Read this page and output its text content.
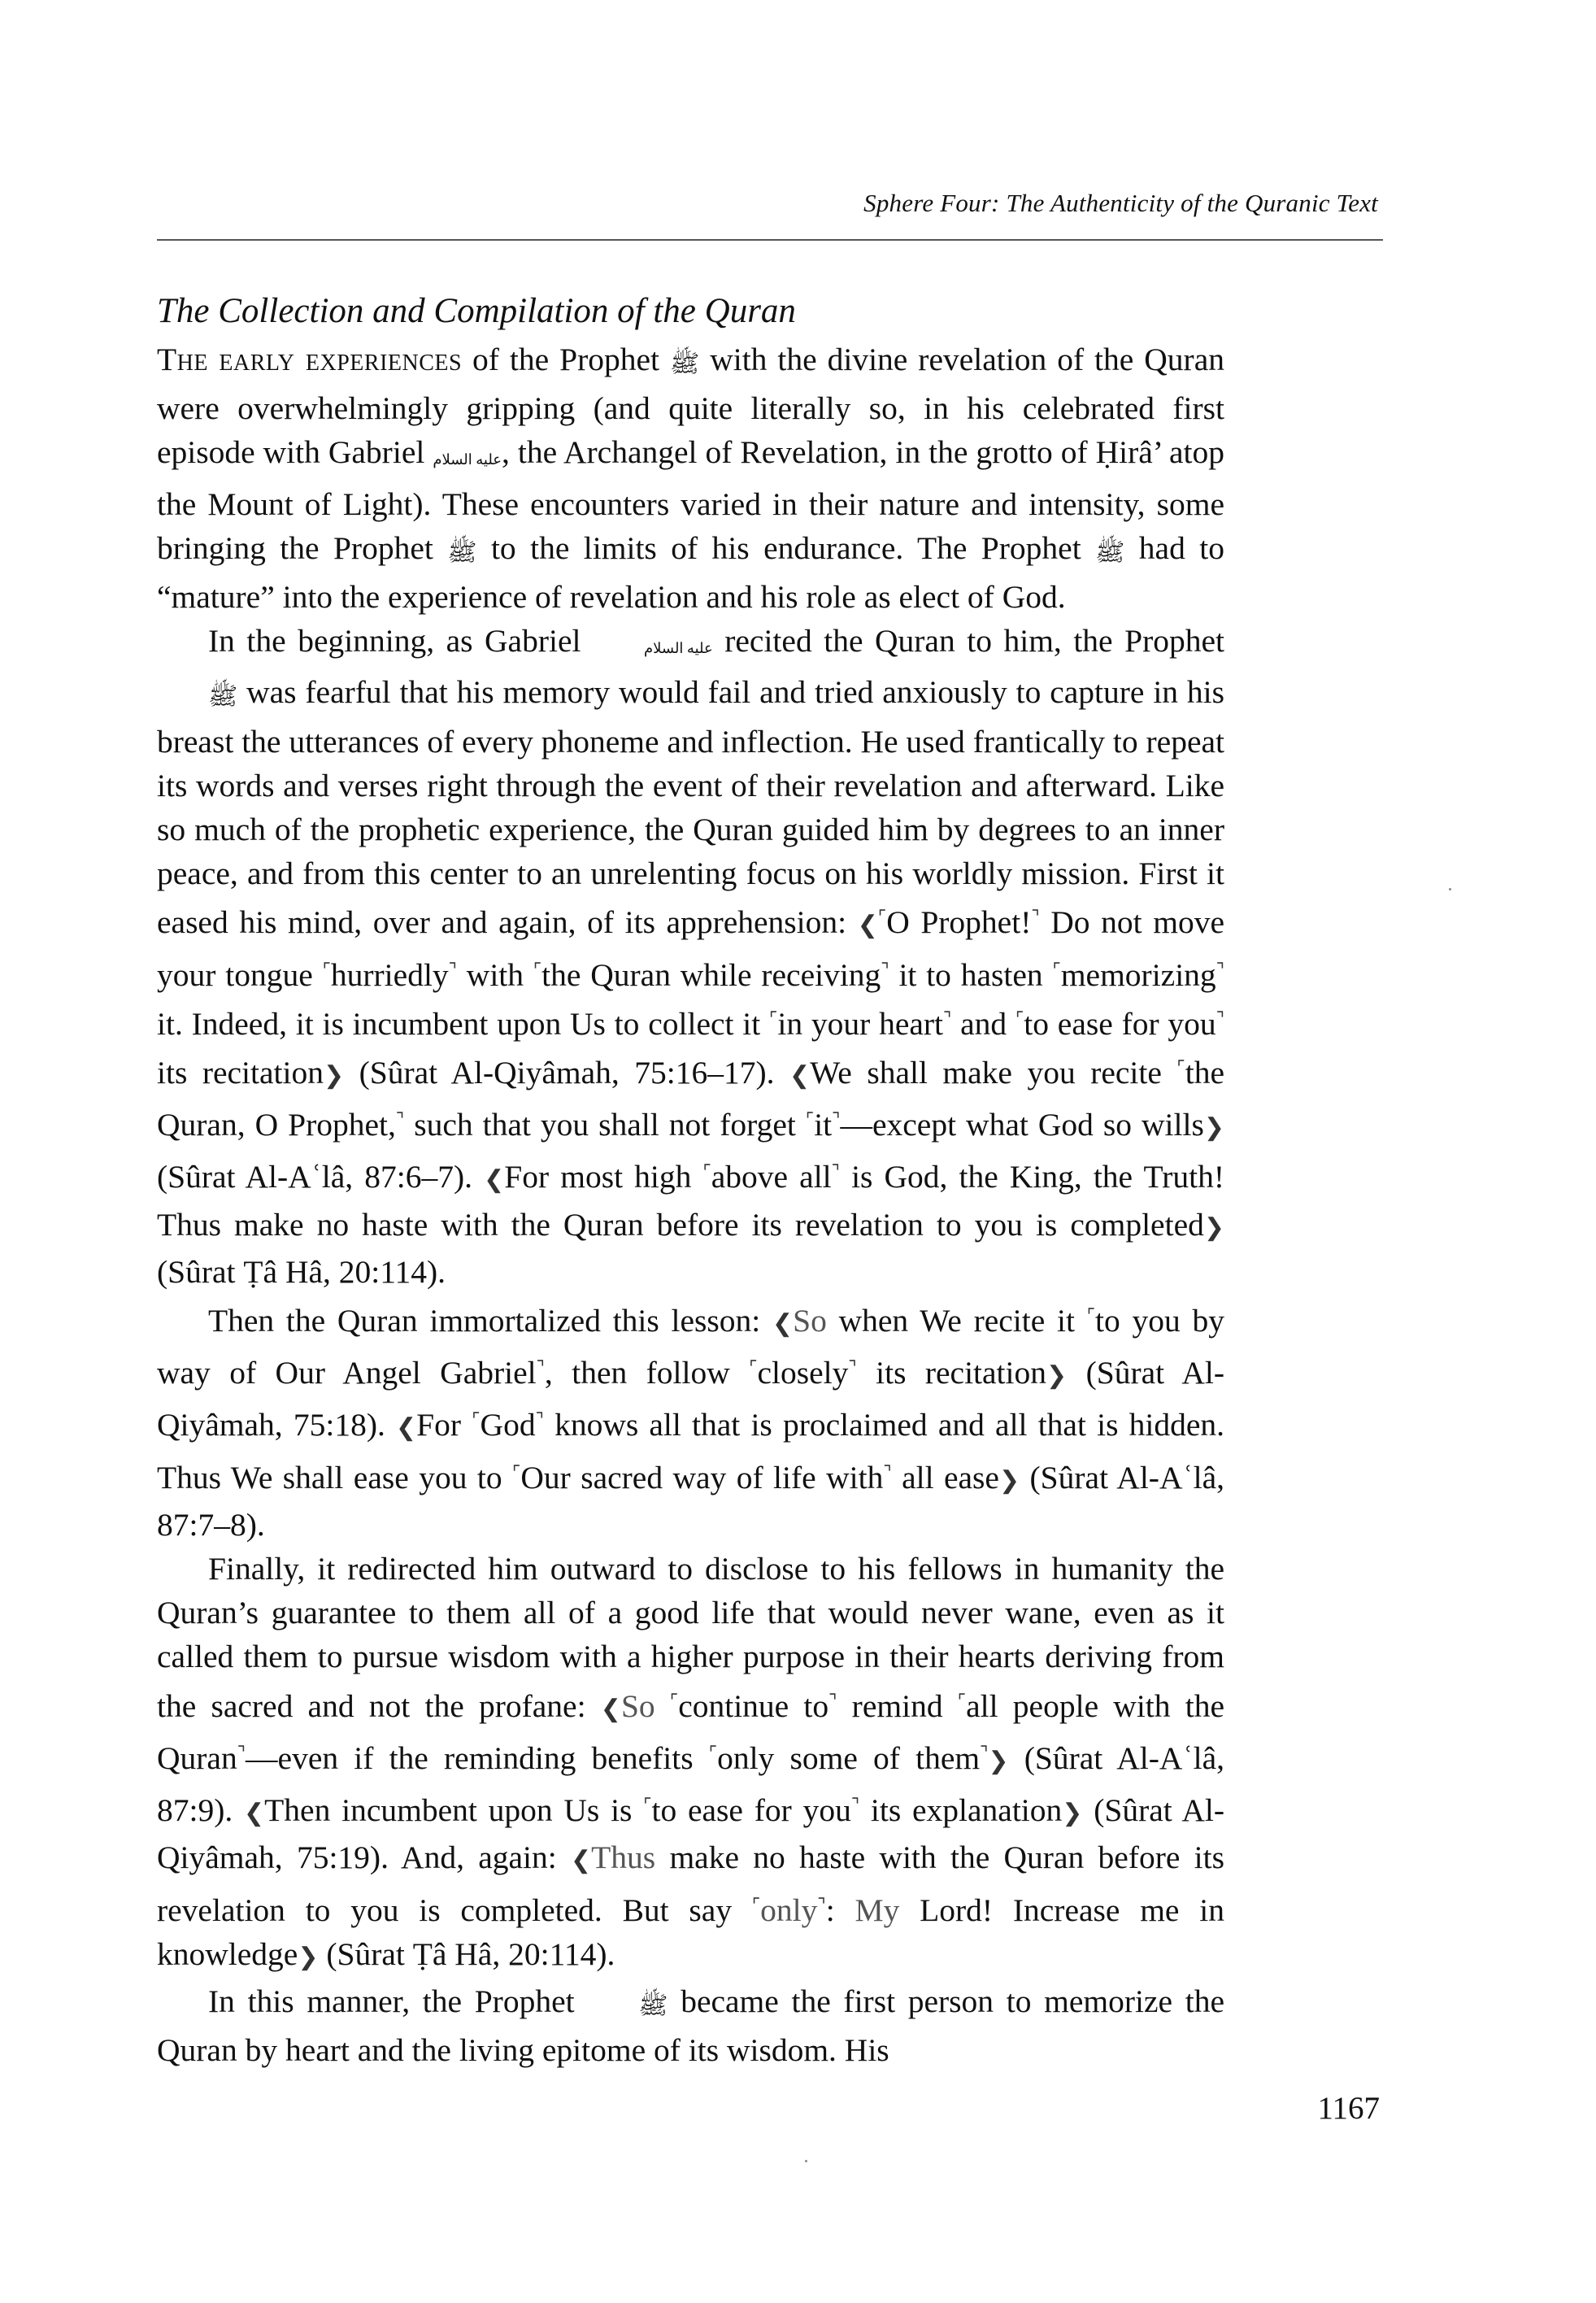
Sphere Four: The Authenticity of the Quranic Text
The Collection and Compilation of the Quran

The early experiences of the Prophet ﷺ with the divine revelation of the Quran were overwhelmingly gripping (and quite literally so, in his celebrated first episode with Gabriel عليه السلام, the Archangel of Revelation, in the grotto of Ḥirâ’ atop the Mount of Light). These encounters varied in their nature and intensity, some bringing the Prophet ﷺ to the limits of his endurance. The Prophet ﷺ had to “mature” into the experience of revelation and his role as elect of God.

In the beginning, as Gabriel	عليه السلام recited the Quran to him, the Prophet ﷺ was fearful that his memory would fail and tried anxiously to capture in his breast the utterances of every phoneme and inflection. He used frantically to repeat its words and verses right through the event of their revelation and afterward. Like so much of the prophetic experience, the Quran guided him by degrees to an inner peace, and from this center to an unrelenting focus on his worldly mission. First it eased his mind, over and again, of its apprehension: ❮⌜O Prophet!⌝ Do not move your tongue ⌜hurriedly⌝ with ⌜the Quran while receiving⌝ it to hasten ⌜memorizing⌝ it. Indeed, it is incumbent upon Us to collect it ⌜in your heart⌝ and ⌜to ease for you⌝ its recitation❯ (Sûrat Al-Qiyâmah, 75:16–17). ❮We shall make you recite ⌜the Quran, O Prophet,⌝ such that you shall not forget ⌜it⌝—except what God so wills❯ (Sûrat Al-Aʿlâ, 87:6–7). ❮For most high ⌜above all⌝ is God, the King, the Truth! Thus make no haste with the Quran before its revelation to you is completed❯ (Sûrat Ṭâ Hâ, 20:114).

Then the Quran immortalized this lesson: ❮So when We recite it ⌜to you by way of Our Angel Gabriel⌝, then follow ⌜closely⌝ its recitation❯ (Sûrat Al-Qiyâmah, 75:18). ❮For ⌜God⌝ knows all that is proclaimed and all that is hidden. Thus We shall ease you to ⌜Our sacred way of life with⌝ all ease❯ (Sûrat Al-Aʿlâ, 87:7–8).

Finally, it redirected him outward to disclose to his fellows in humanity the Quran’s guarantee to them all of a good life that would never wane, even as it called them to pursue wisdom with a higher purpose in their hearts deriving from the sacred and not the profane: ❮So ⌜continue to⌝ remind ⌜all people with the Quran⌝—even if the reminding benefits ⌜only some of them⌝❯ (Sûrat Al-Aʿlâ, 87:9). ❮Then incumbent upon Us is ⌜to ease for you⌝ its explanation❯ (Sûrat Al-Qiyâmah, 75:19). And, again: ❮Thus make no haste with the Quran before its revelation to you is completed. But say ⌜only⌝: My Lord! Increase me in knowledge❯ (Sûrat Ṭâ Hâ, 20:114).

In this manner, the Prophet ﷺ became the first person to memorize the Quran by heart and the living epitome of its wisdom. His

1167
